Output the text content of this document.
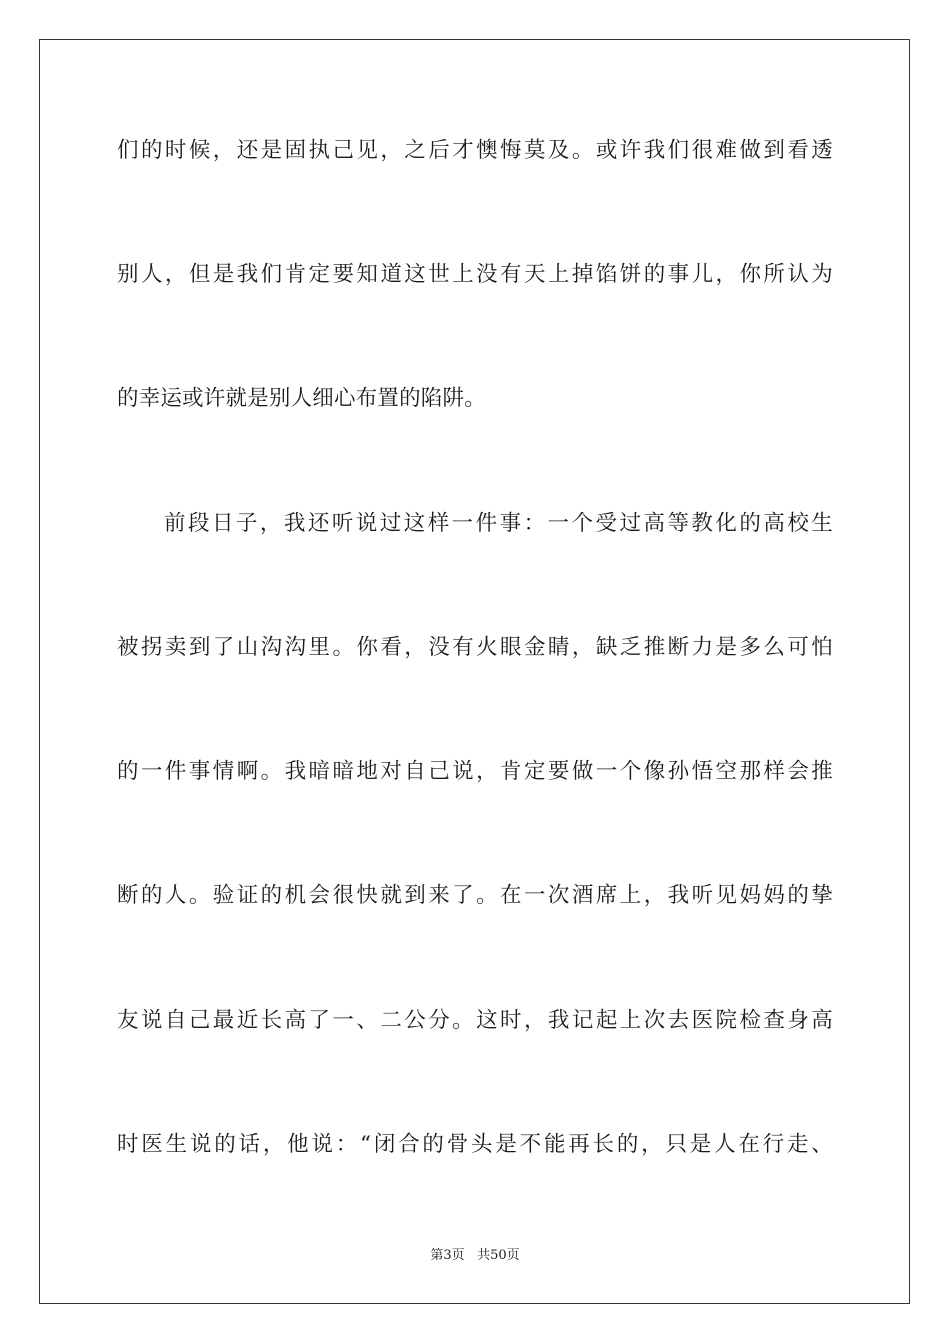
们的时候，还是固执己见，之后才懊悔莫及。或许我们很难做到看透
别人，但是我们肯定要知道这世上没有天上掉馅饼的事儿，你所认为
的幸运或许就是别人细心布置的陷阱。
前段日子，我还听说过这样一件事：一个受过高等教化的高校生
被拐卖到了山沟沟里。你看，没有火眼金睛，缺乏推断力是多么可怕
的一件事情啊。我暗暗地对自己说，肯定要做一个像孙悟空那样会推
断的人。验证的机会很快就到来了。在一次酒席上，我听见妈妈的挚
友说自己最近长高了一、二公分。这时，我记起上次去医院检查身高
时医生说的话，他说：“闭合的骨头是不能再长的，只是人在行走、
第3页 共50页
